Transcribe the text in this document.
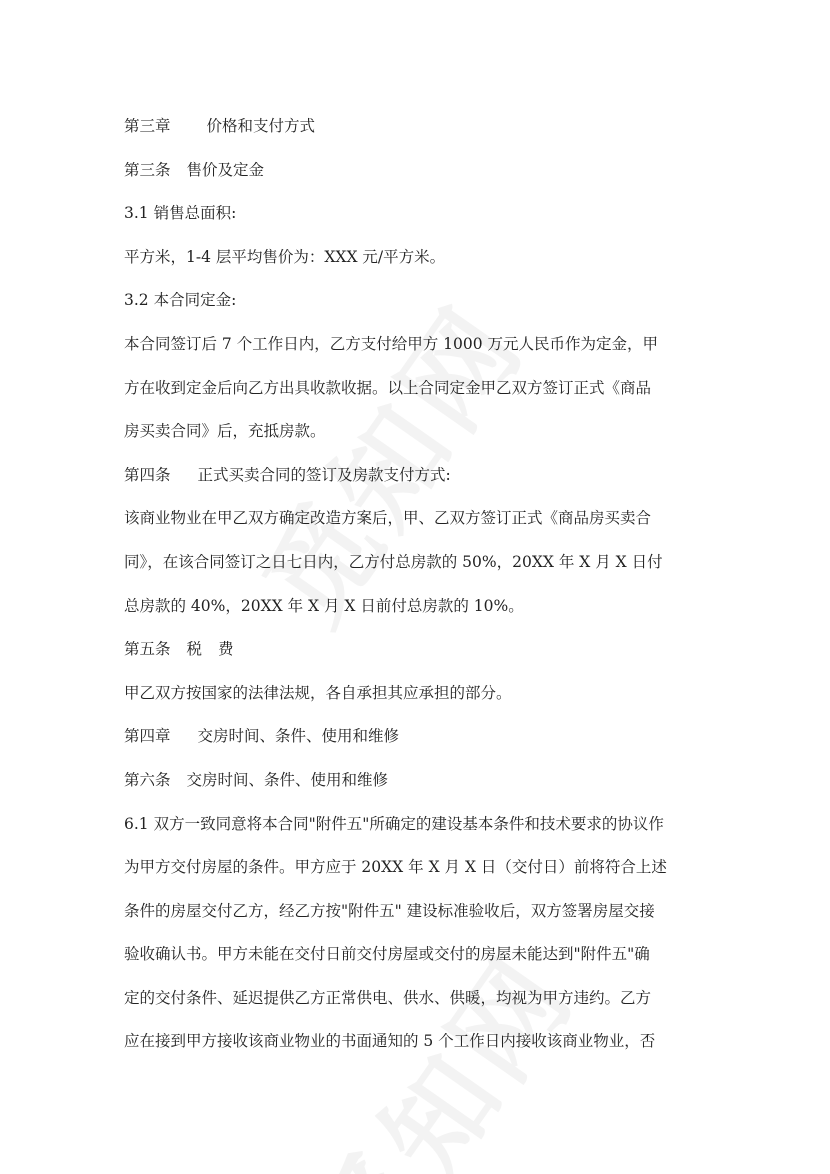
第三章 价格和支付方式
第三条 售价及定金
3.1 销售总面积:
平方米，1-4 层平均售价为：XXX 元/平方米。
3.2 本合同定金:
本合同签订后 7 个工作日内，乙方支付给甲方 1000 万元人民币作为定金，甲
方在收到定金后向乙方出具收款收据。以上合同定金甲乙双方签订正式《商品
房买卖合同》后，充抵房款。
第四条 正式买卖合同的签订及房款支付方式:
该商业物业在甲乙双方确定改造方案后，甲、乙双方签订正式《商品房买卖合
同》，在该合同签订之日七日内，乙方付总房款的 50%，20XX 年 X 月 X 日付
总房款的 40%，20XX 年 X 月 X 日前付总房款的 10%。
第五条 税 费
甲乙双方按国家的法律法规，各自承担其应承担的部分。
第四章 交房时间、条件、使用和维修
第六条 交房时间、条件、使用和维修
6.1 双方一致同意将本合同"附件五"所确定的建设基本条件和技术要求的协议作
为甲方交付房屋的条件。甲方应于 20XX 年 X 月 X 日（交付日）前将符合上述
条件的房屋交付乙方，经乙方按"附件五" 建设标准验收后，双方签署房屋交接
验收确认书。甲方未能在交付日前交付房屋或交付的房屋未能达到"附件五"确
定的交付条件、延迟提供乙方正常供电、供水、供暖，均视为甲方违约。乙方
应在接到甲方接收该商业物业的书面通知的 5 个工作日内接收该商业物业，否
